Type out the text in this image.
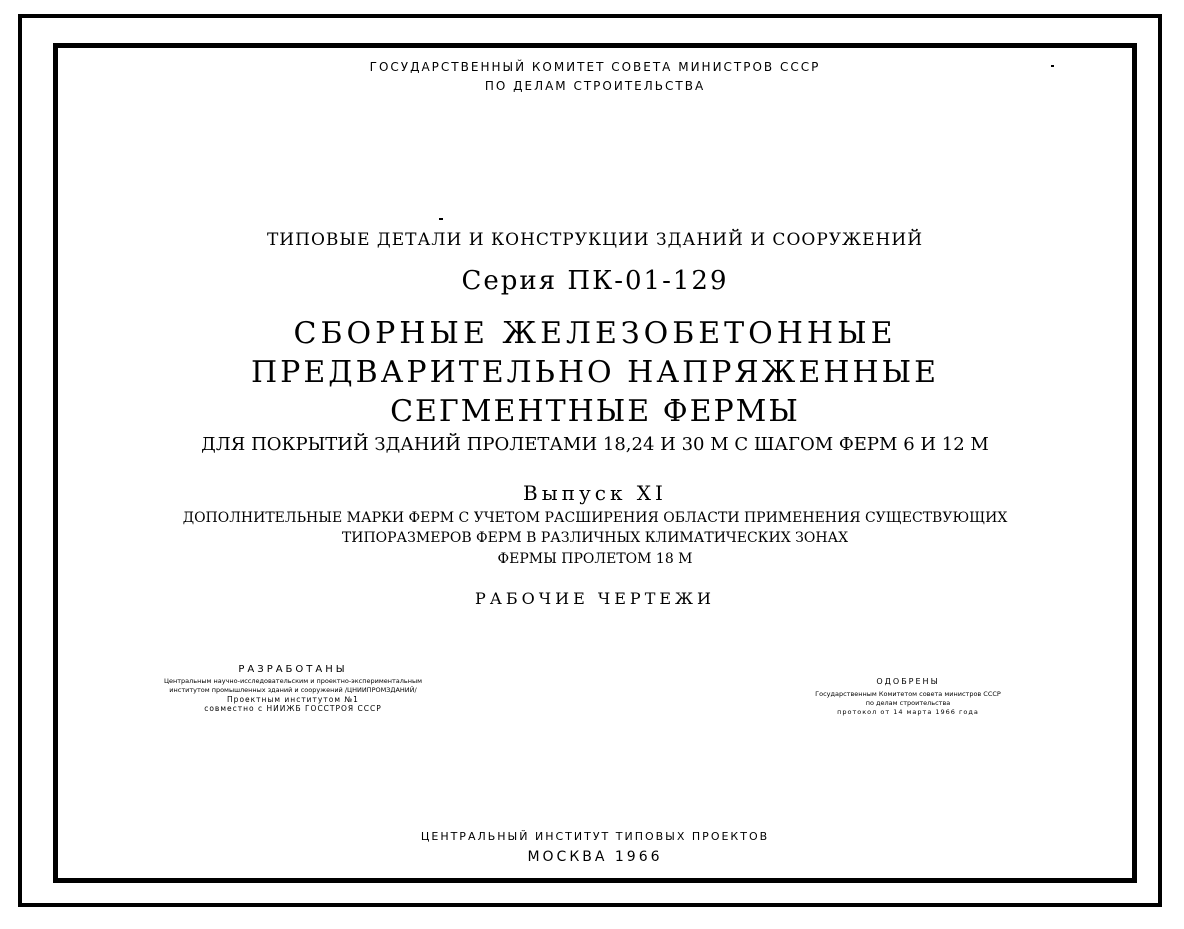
ГОСУДАРСТВЕННЫЙ КОМИТЕТ СОВЕТА МИНИСТРОВ СССР
ПО ДЕЛАМ СТРОИТЕЛЬСТВА
ТИПОВЫЕ ДЕТАЛИ И КОНСТРУКЦИИ ЗДАНИЙ И СООРУЖЕНИЙ
Серия ПК-01-129
СБОРНЫЕ ЖЕЛЕЗОБЕТОННЫЕ
ПРЕДВАРИТЕЛЬНО НАПРЯЖЕННЫЕ
СЕГМЕНТНЫЕ ФЕРМЫ
ДЛЯ ПОКРЫТИЙ ЗДАНИЙ ПРОЛЕТАМИ 18,24 И 30 М С ШАГОМ ФЕРМ 6 И 12 М
Выпуск XI
ДОПОЛНИТЕЛЬНЫЕ МАРКИ ФЕРМ С УЧЕТОМ РАСШИРЕНИЯ ОБЛАСТИ ПРИМЕНЕНИЯ СУЩЕСТВУЮЩИХ
ТИПОРАЗМЕРОВ ФЕРМ В РАЗЛИЧНЫХ КЛИМАТИЧЕСКИХ ЗОНАХ
ФЕРМЫ ПРОЛЕТОМ 18 М
РАБОЧИЕ ЧЕРТЕЖИ
РАЗРАБОТАНЫ
Центральным научно-исследовательским и проектно-экспериментальным
институтом промышленных зданий и сооружений /ЦНИИПРОМЗДАНИЙ/
Проектным институтом №1
совместно с НИИЖБ ГОССТРОЯ СССР
ОДОБРЕНЫ
Государственным Комитетом совета министров СССР
по делам строительства
протокол от 14 марта 1966 года
ЦЕНТРАЛЬНЫЙ ИНСТИТУТ ТИПОВЫХ ПРОЕКТОВ
МОСКВА 1966
